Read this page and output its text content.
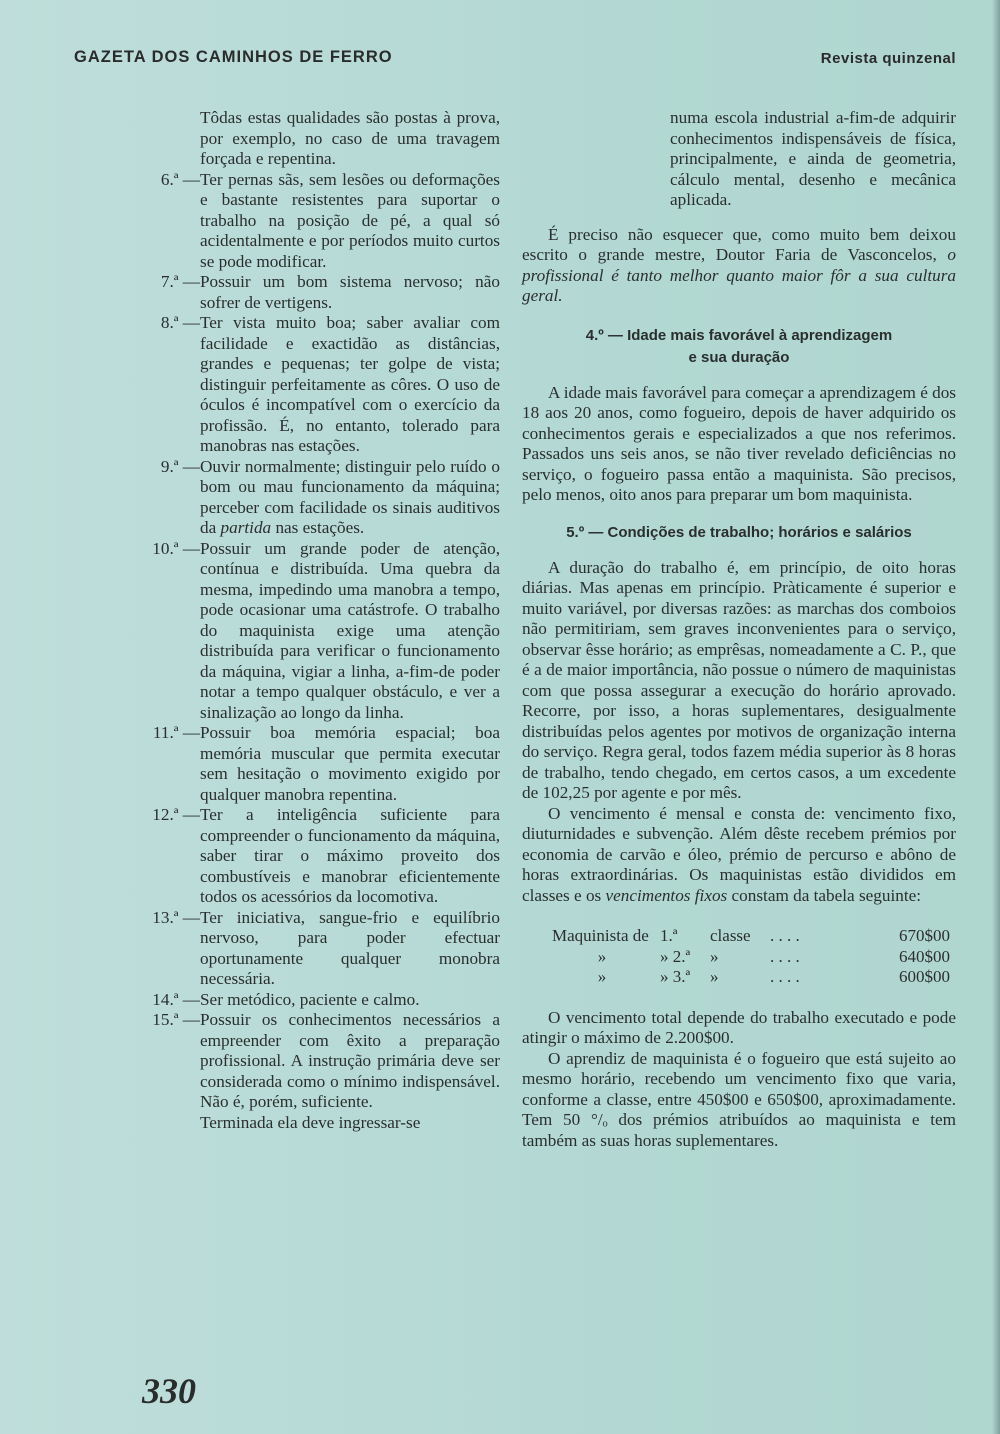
GAZETA DOS CAMINHOS DE FERRO	Revista quinzenal

Tôdas estas qualidades são postas à prova, por exemplo, no caso de uma travagem forçada e repentina.

6.ª — Ter pernas sãs, sem lesões ou deformações e bastante resistentes para suportar o trabalho na posição de pé, a qual só acidentalmente e por períodos muito curtos se pode modificar.
7.ª — Possuir um bom sistema nervoso; não sofrer de vertigens.
8.ª — Ter vista muito boa; saber avaliar com facilidade e exactidão as distâncias, grandes e pequenas; ter golpe de vista; distinguir perfeitamente as côres. O uso de óculos é incompatível com o exercício da profissão. É, no entanto, tolerado para manobras nas estações.
9.ª — Ouvir normalmente; distinguir pelo ruído o bom ou mau funcionamento da máquina; perceber com facilidade os sinais auditivos da partida nas estações.
10.ª — Possuir um grande poder de atenção, contínua e distribuída. Uma quebra da mesma, impedindo uma manobra a tempo, pode ocasionar uma catástrofe. O trabalho do maquinista exige uma atenção distribuída para verificar o funcionamento da máquina, vigiar a linha, a-fim-de poder notar a tempo qualquer obstáculo, e ver a sinalização ao longo da linha.
11.ª — Possuir boa memória espacial; boa memória muscular que permita executar sem hesitação o movimento exigido por qualquer manobra repentina.
12.ª — Ter a inteligência suficiente para compreender o funcionamento da máquina, saber tirar o máximo proveito dos combustíveis e manobrar eficientemente todos os acessórios da locomotiva.
13.ª — Ter iniciativa, sangue-frio e equilíbrio nervoso, para poder efectuar oportunamente qualquer monobra necessária.
14.ª — Ser metódico, paciente e calmo.
15.ª — Possuir os conhecimentos necessários a empreender com êxito a preparação profissional. A instrução primária deve ser considerada como o mínimo indispensável. Não é, porém, suficiente.

Terminada ela deve ingressar-se

numa escola industrial a-fim-de adquirir conhecimentos indispensáveis de física, principalmente, e ainda de geometria, cálculo mental, desenho e mecânica aplicada.

É preciso não esquecer que, como muito bem deixou escrito o grande mestre, Doutor Faria de Vasconcelos, o profissional é tanto melhor quanto maior fôr a sua cultura geral.

4.º — Idade mais favorável à aprendizagem
e sua duração

A idade mais favorável para começar a aprendizagem é dos 18 aos 20 anos, como fogueiro, depois de haver adquirido os conhecimentos gerais e especializados a que nos referimos. Passados uns seis anos, se não tiver revelado deficiências no serviço, o fogueiro passa então a maquinista. São precisos, pelo menos, oito anos para preparar um bom maquinista.

5.º — Condições de trabalho; horários e salários

A duração do trabalho é, em princípio, de oito horas diárias. Mas apenas em princípio. Pràticamente é superior e muito variável, por diversas razões: as marchas dos comboios não permitiriam, sem graves inconvenientes para o serviço, observar êsse horário; as emprêsas, nomeadamente a C. P., que é a de maior importância, não possue o número de maquinistas com que possa assegurar a execução do horário aprovado. Recorre, por isso, a horas suplementares, desigualmente distribuídas pelos agentes por motivos de organização interna do serviço. Regra geral, todos fazem média superior às 8 horas de trabalho, tendo chegado, em certos casos, a um excedente de 102,25 por agente e por mês.

O vencimento é mensal e consta de: vencimento fixo, diuturnidades e subvenção. Além dêste recebem prémios por economia de carvão e óleo, prémio de percurso e abôno de horas extraordinárias. Os maquinistas estão divididos em classes e os vencimentos fixos constam da tabela seguinte:

Maquinista de	1.ª	classe	. . . .	670$00
»	» 2.ª	»	. . . .	640$00
»	» 3.ª	»	. . . .	600$00

O vencimento total depende do trabalho executado e pode atingir o máximo de 2.200$00.

O aprendiz de maquinista é o fogueiro que está sujeito ao mesmo horário, recebendo um vencimento fixo que varia, conforme a classe, entre 450$00 e 650$00, aproximadamente. Tem 50 °/ₒ dos prémios atribuídos ao maquinista e tem também as suas horas suplementares.

330
